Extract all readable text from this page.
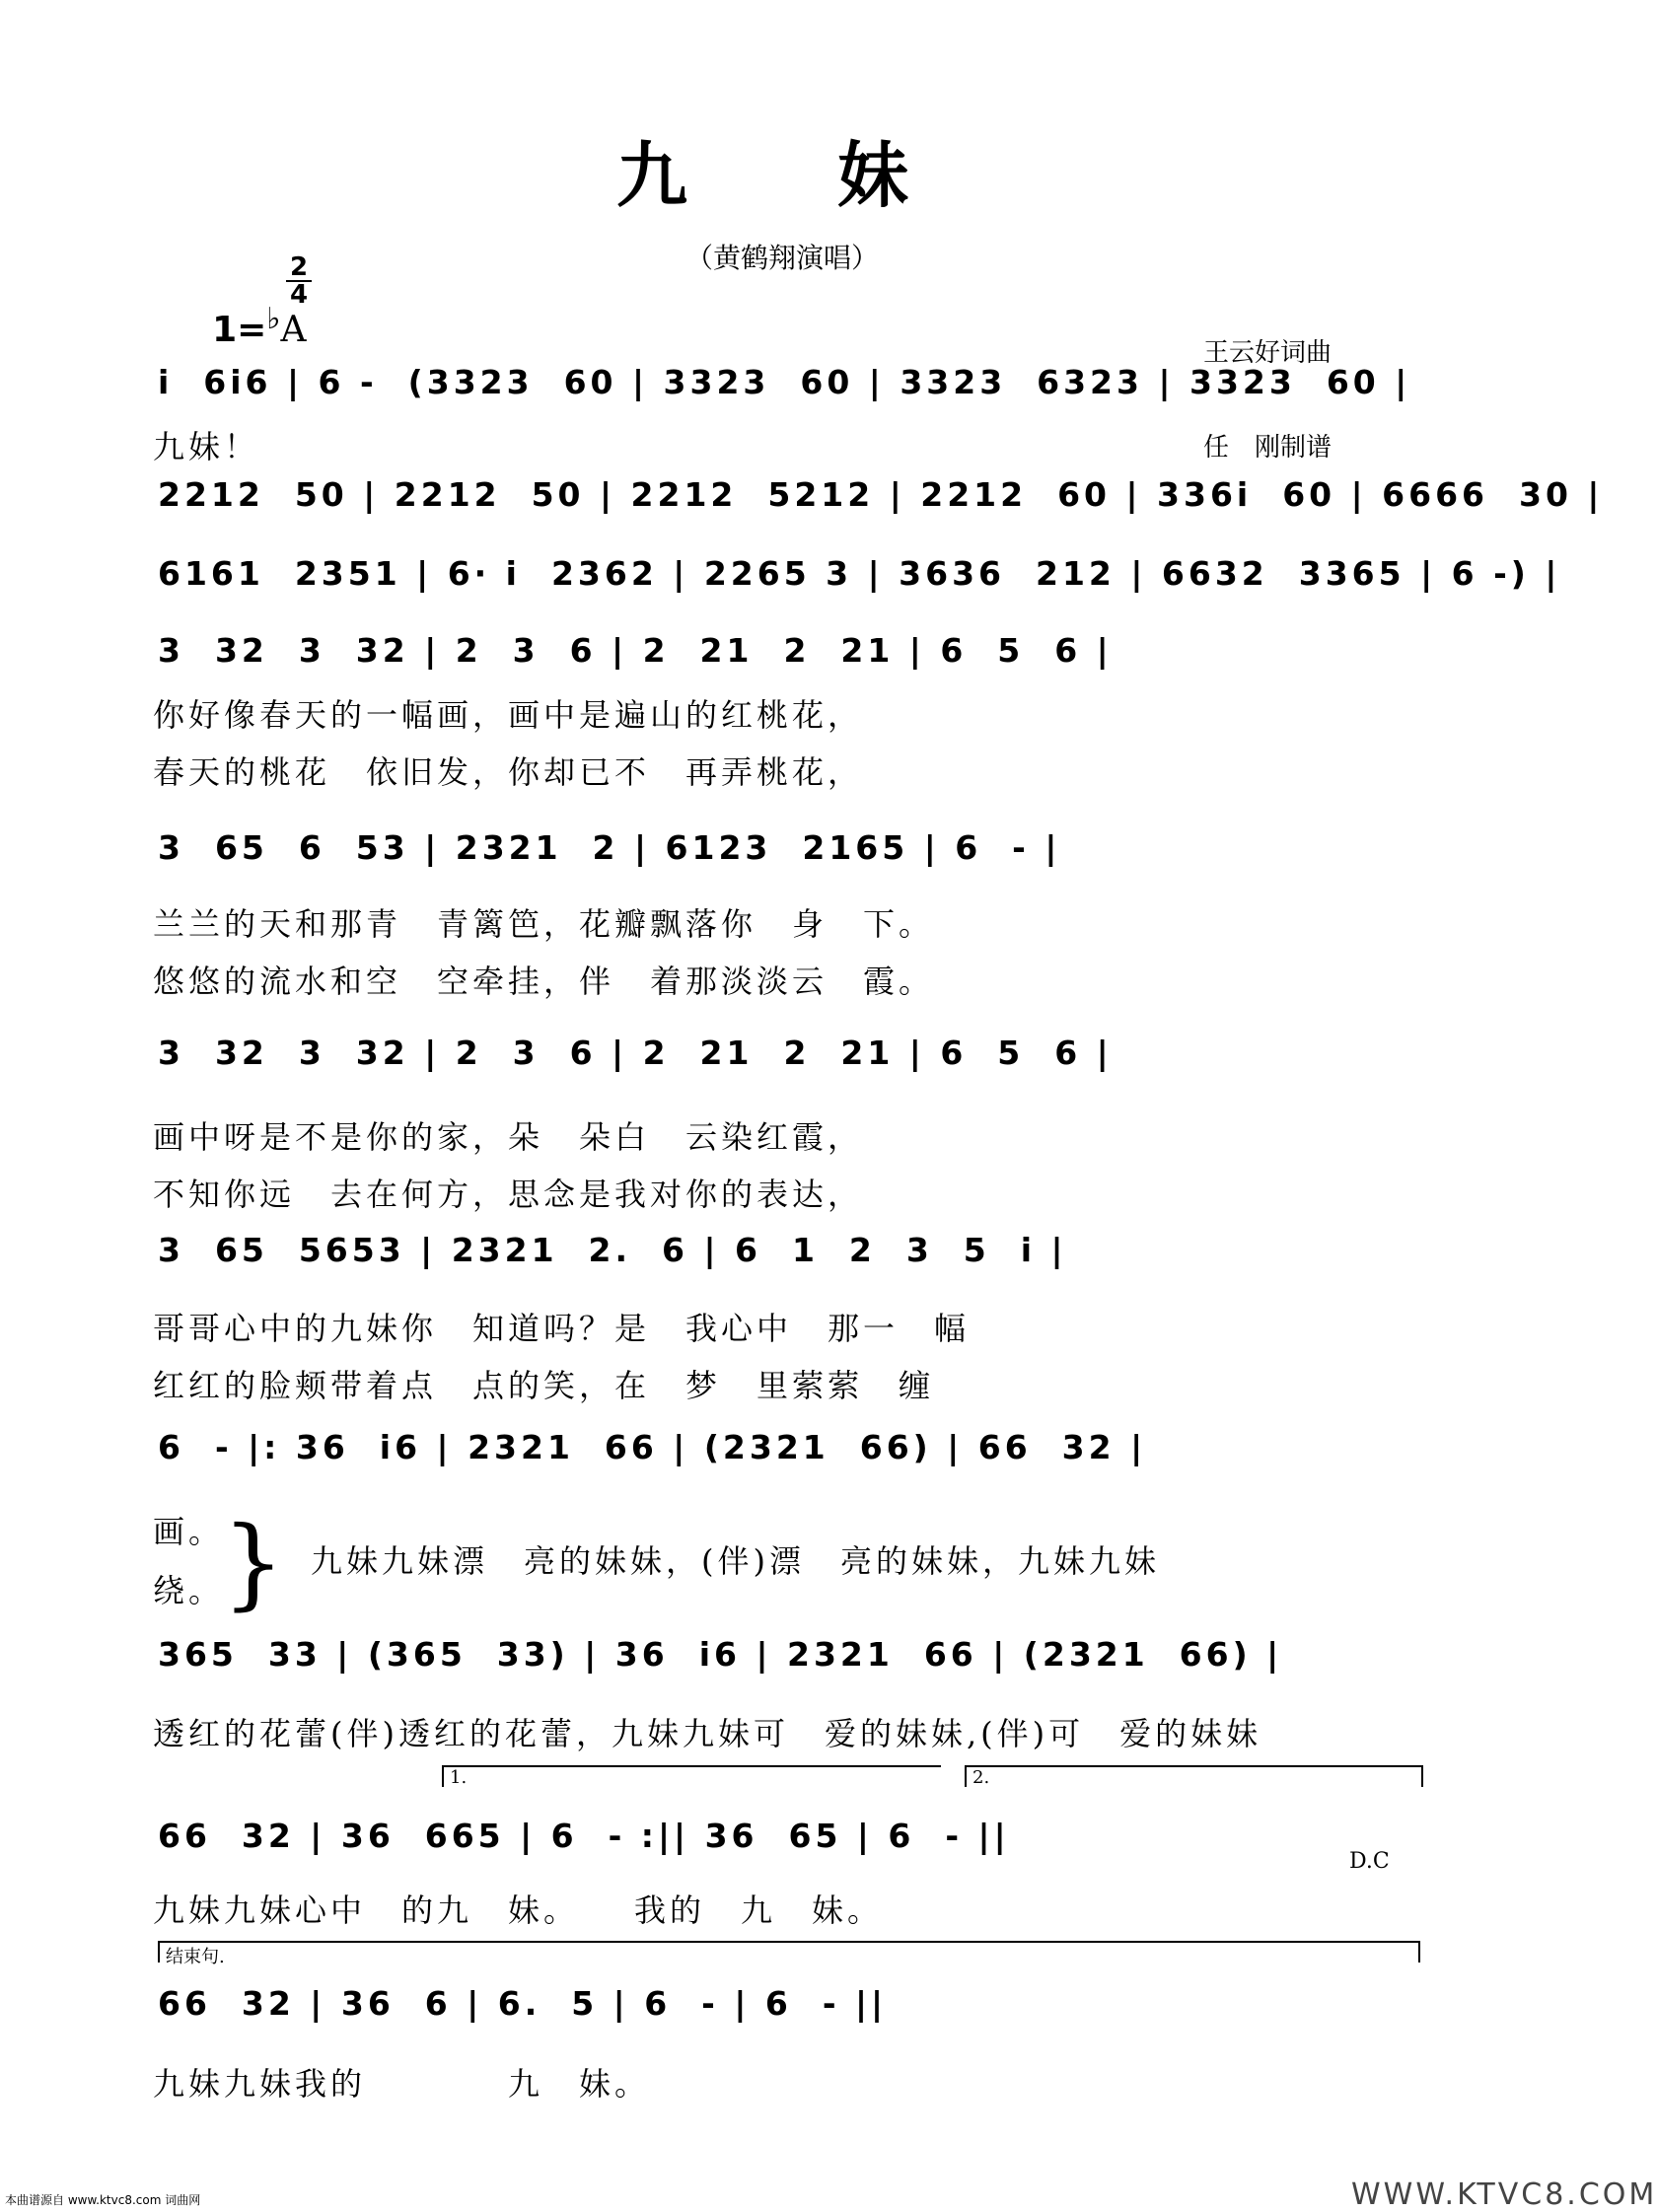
九　妹
（黄鹤翔演唱）

1=♭A

2
4

王云好词曲

任　刚制谱

i  6i6 | 6 -  (3323  60 | 3323  60 | 3323  6323 | 3323  60 |
九妹！
2212  50 | 2212  50 | 2212  5212 | 2212  60 | 336i  60 | 6666  30 |
6161  2351 | 6· i  2362 | 2265 3 | 3636  212 | 6632  3365 | 6 -) |
3  32  3  32 | 2  3  6 | 2  21  2  21 | 6  5  6 |
你好像春天的一幅画，画中是遍山的红桃花，
春天的桃花　依旧发，你却已不　再弄桃花，
3  65  6  53 | 2321  2 | 6123  2165 | 6  - |
兰兰的天和那青　青篱笆，花瓣飘落你　身　下。
悠悠的流水和空　空牵挂，伴　着那淡淡云　霞。
3  32  3  32 | 2  3  6 | 2  21  2  21 | 6  5  6 |
画中呀是不是你的家，朵　朵白　云染红霞，
不知你远　去在何方，思念是我对你的表达，
3  65  5653 | 2321  2.  6 | 6  1  2  3  5  i |
哥哥心中的九妹你　知道吗？是　我心中　那一　幅
红红的脸颊带着点　点的笑，在　梦　里萦萦　缠
6  - |: 36  i6 | 2321  66 | (2321  66) | 66  32 |
画。
绕。
} 九妹九妹漂　亮的妹妹，(伴)漂　亮的妹妹，九妹九妹
365  33 | (365  33) | 36  i6 | 2321  66 | (2321  66) |
透红的花蕾(伴)透红的花蕾，九妹九妹可　爱的妹妹,(伴)可　爱的妹妹
1.	2.
66  32 | 36  665 | 6  - :|| 36  65 | 6  - ||
D.C
九妹九妹心中　的九　妹。　　我的　九　妹。
结束句.
66  32 | 36  6 | 6.  5 | 6  - | 6  - ||
九妹九妹我的　　　　九　妹。
本曲谱源自 www.ktvc8.com 词曲网	WWW.KTVC8.COM
